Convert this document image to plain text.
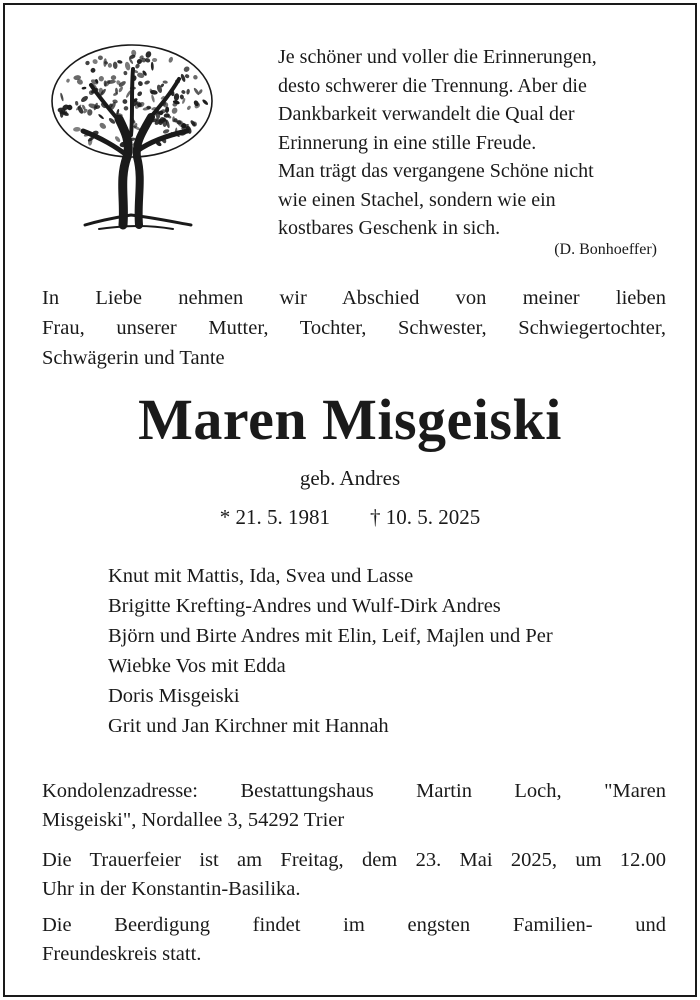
Je schöner und voller die Erinnerungen,
desto schwerer die Trennung. Aber die
Dankbarkeit verwandelt die Qual der
Erinnerung in eine stille Freude.
Man trägt das vergangene Schöne nicht
wie einen Stachel, sondern wie ein
kostbares Geschenk in sich.
(D. Bonhoeffer)
In Liebe nehmen wir Abschied von meiner lieben
Frau, unserer Mutter, Tochter, Schwester, Schwiegertochter,
Schwägerin und Tante
Maren Misgeiski
geb. Andres
* 21. 5. 1981 † 10. 5. 2025
Knut mit Mattis, Ida, Svea und Lasse
Brigitte Krefting-Andres und Wulf-Dirk Andres
Björn und Birte Andres mit Elin, Leif, Majlen und Per
Wiebke Vos mit Edda
Doris Misgeiski
Grit und Jan Kirchner mit Hannah
Kondolenzadresse: Bestattungshaus Martin Loch, "Maren
Misgeiski", Nordallee 3, 54292 Trier
Die Trauerfeier ist am Freitag, dem 23. Mai 2025, um 12.00
Uhr in der Konstantin-Basilika.
Die Beerdigung findet im engsten Familien- und
Freundeskreis statt.
